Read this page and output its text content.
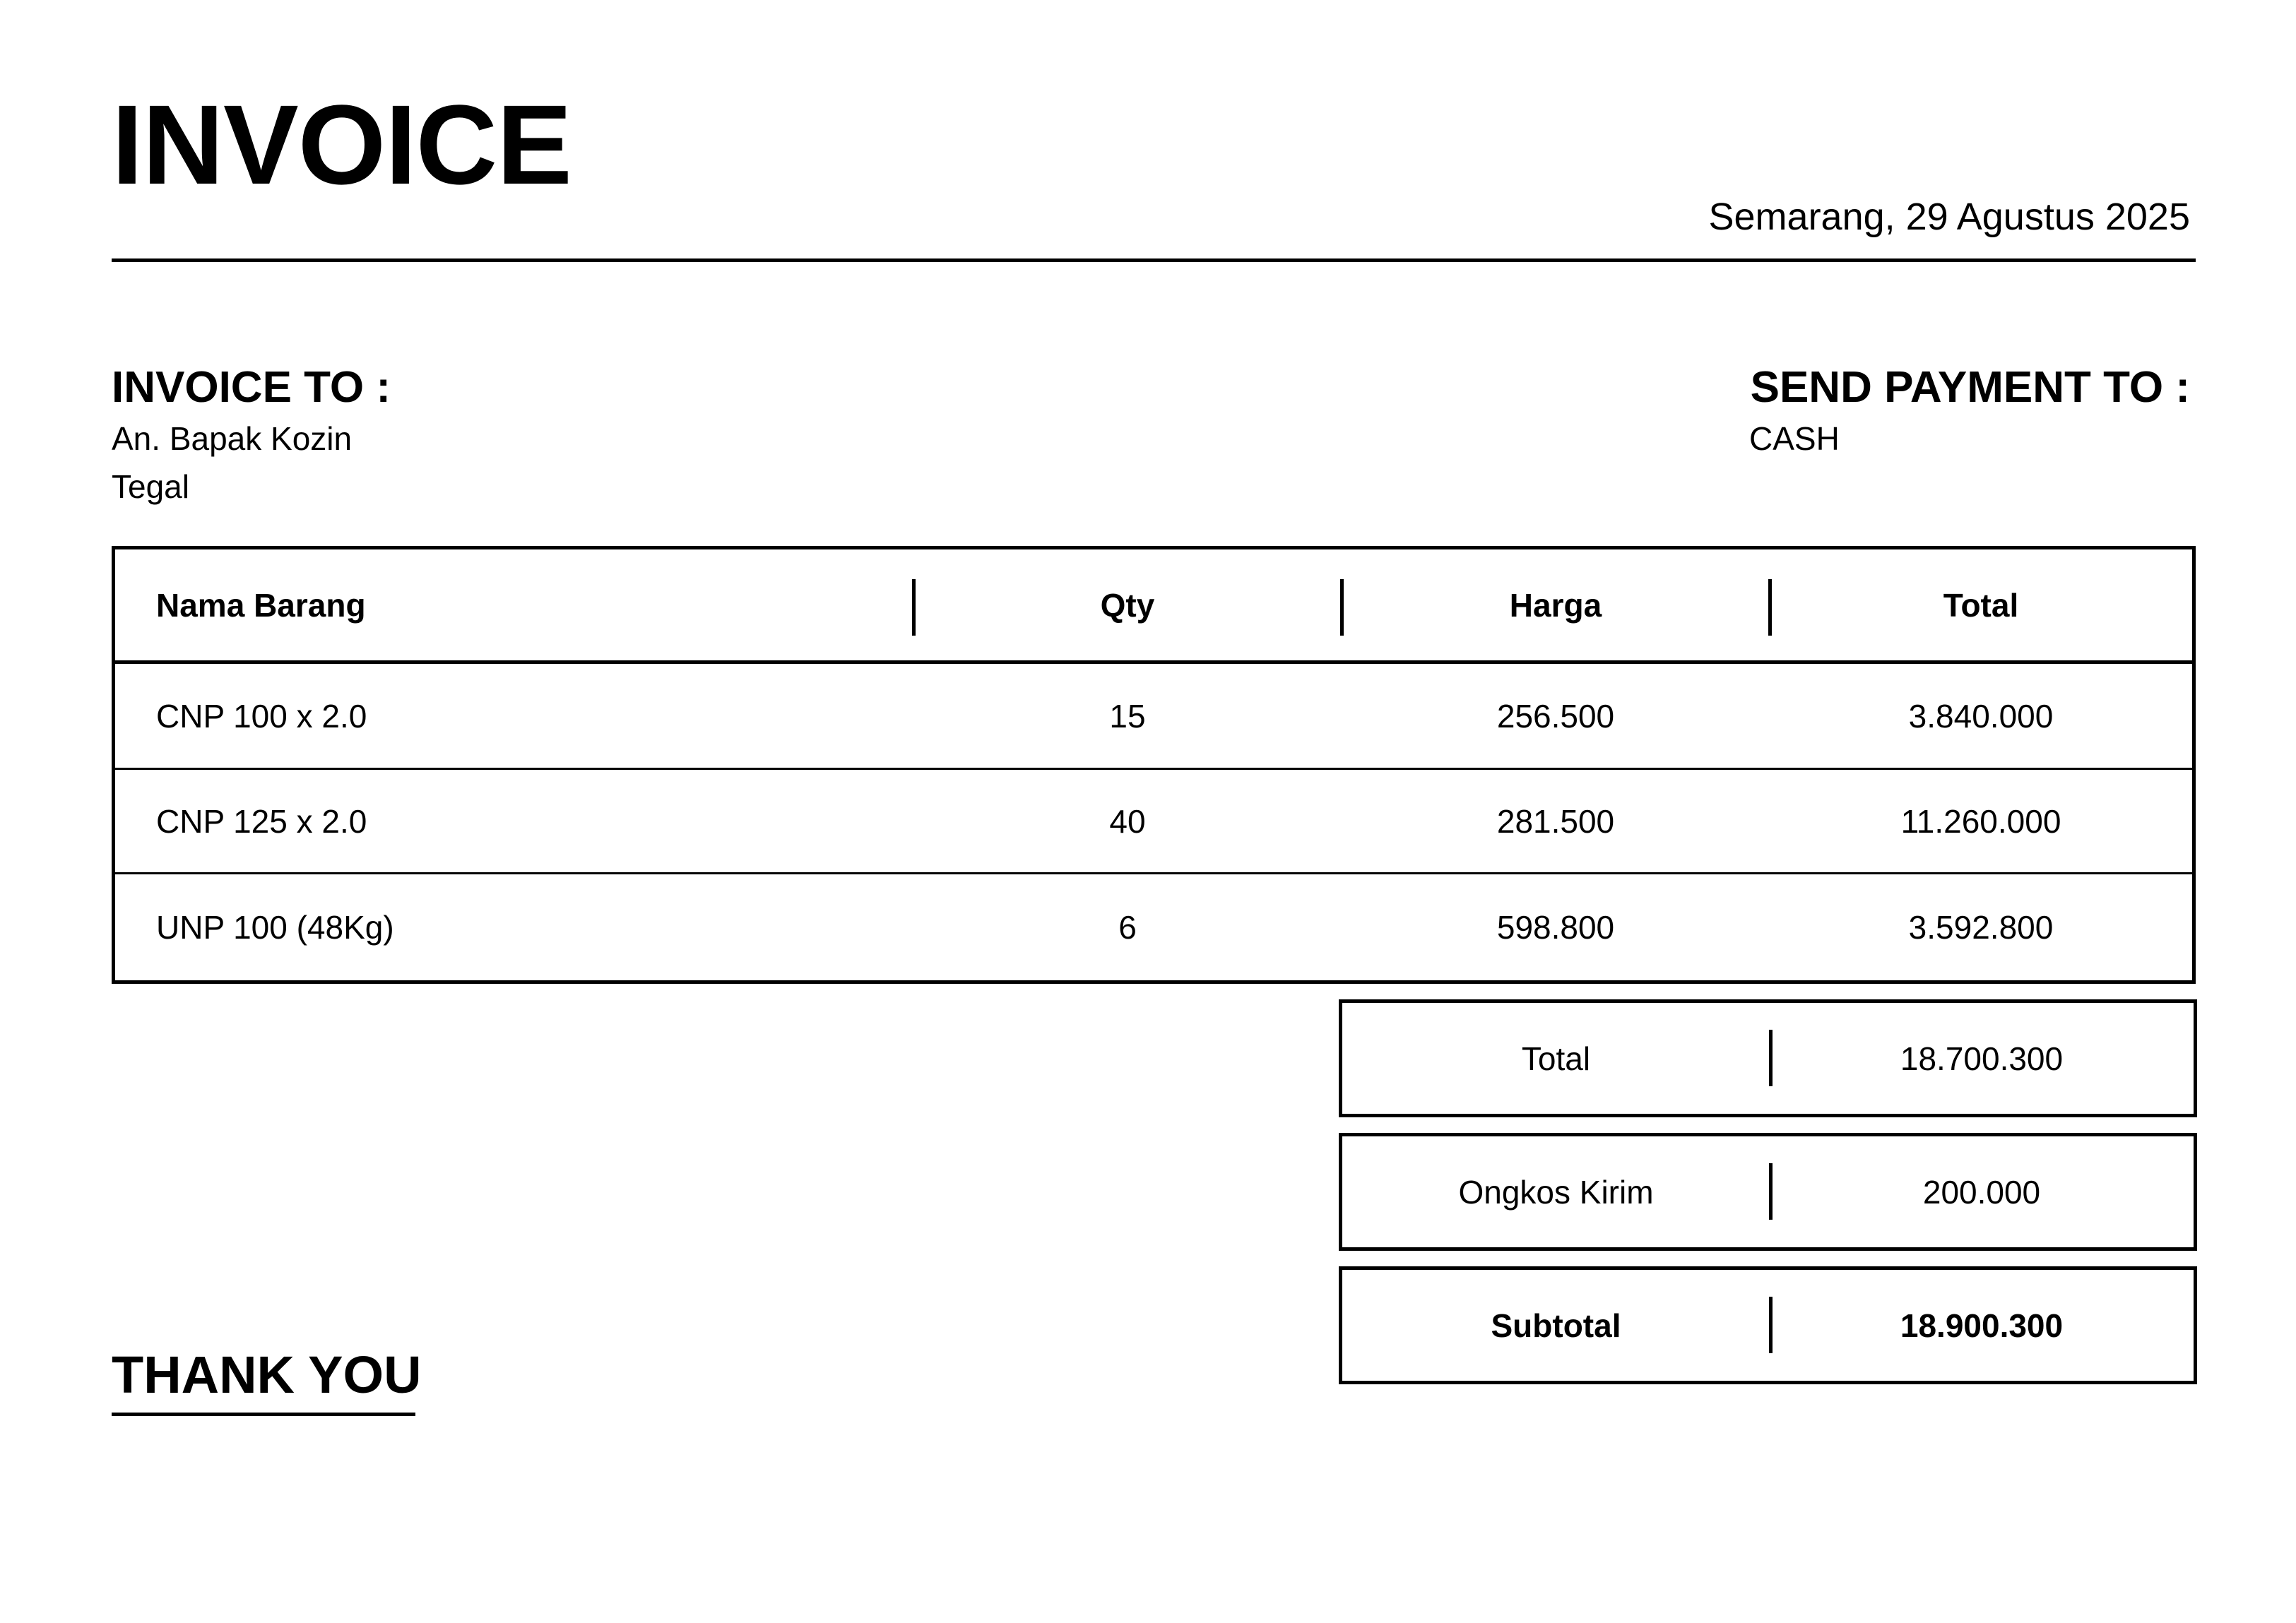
INVOICE
Semarang, 29 Agustus 2025
INVOICE TO :
An. Bapak Kozin
Tegal
SEND PAYMENT TO :
CASH
Nama Barang	Qty	Harga	Total
CNP 100 x 2.0	15	256.500	3.840.000
CNP 125 x 2.0	40	281.500	11.260.000
UNP 100 (48Kg)	6	598.800	3.592.800
Total	18.700.300
Ongkos Kirim	200.000
Subtotal	18.900.300
THANK YOU
